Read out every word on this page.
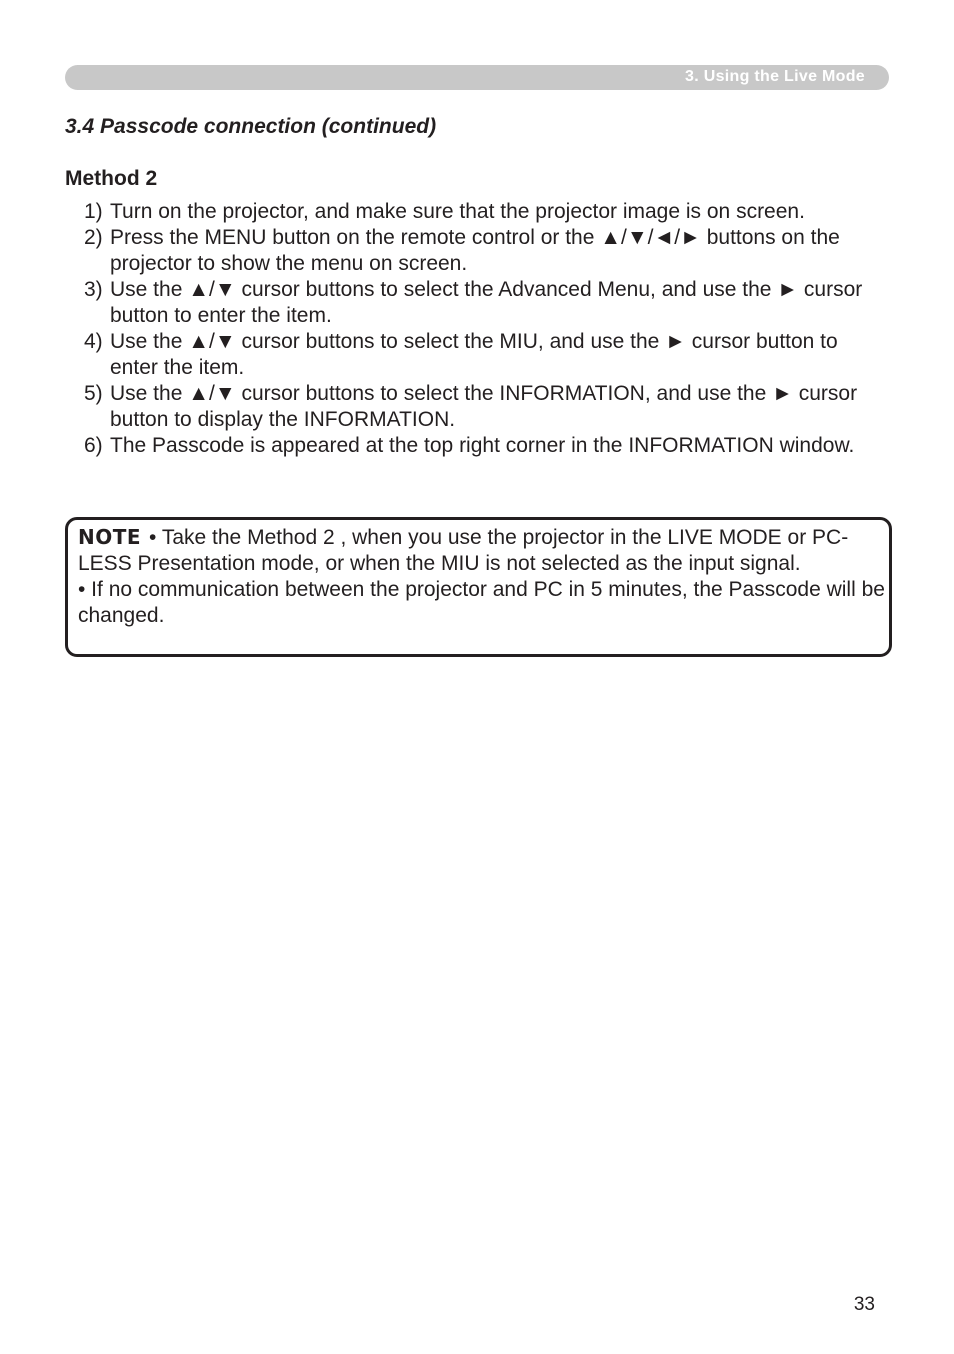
3. Using the Live Mode
3.4 Passcode connection (continued)
Method 2
1) Turn on the projector, and make sure that the projector image is on screen.
2) Press the MENU button on the remote control or the ▲/▼/◄/► buttons on the projector to show the menu on screen.
3) Use the ▲/▼ cursor buttons to select the Advanced Menu, and use the ► cursor button to enter the item.
4) Use the ▲/▼ cursor buttons to select the MIU, and use the ► cursor button to enter the item.
5) Use the ▲/▼ cursor buttons to select the INFORMATION, and use the ► cursor button to display the INFORMATION.
6) The Passcode is appeared at the top right corner in the INFORMATION window.

NOTE • Take the Method 2 , when you use the projector in the LIVE MODE or PC-LESS Presentation mode, or when the MIU is not selected as the input signal.

• If no communication between the projector and PC in 5 minutes, the Passcode will be changed.

33
